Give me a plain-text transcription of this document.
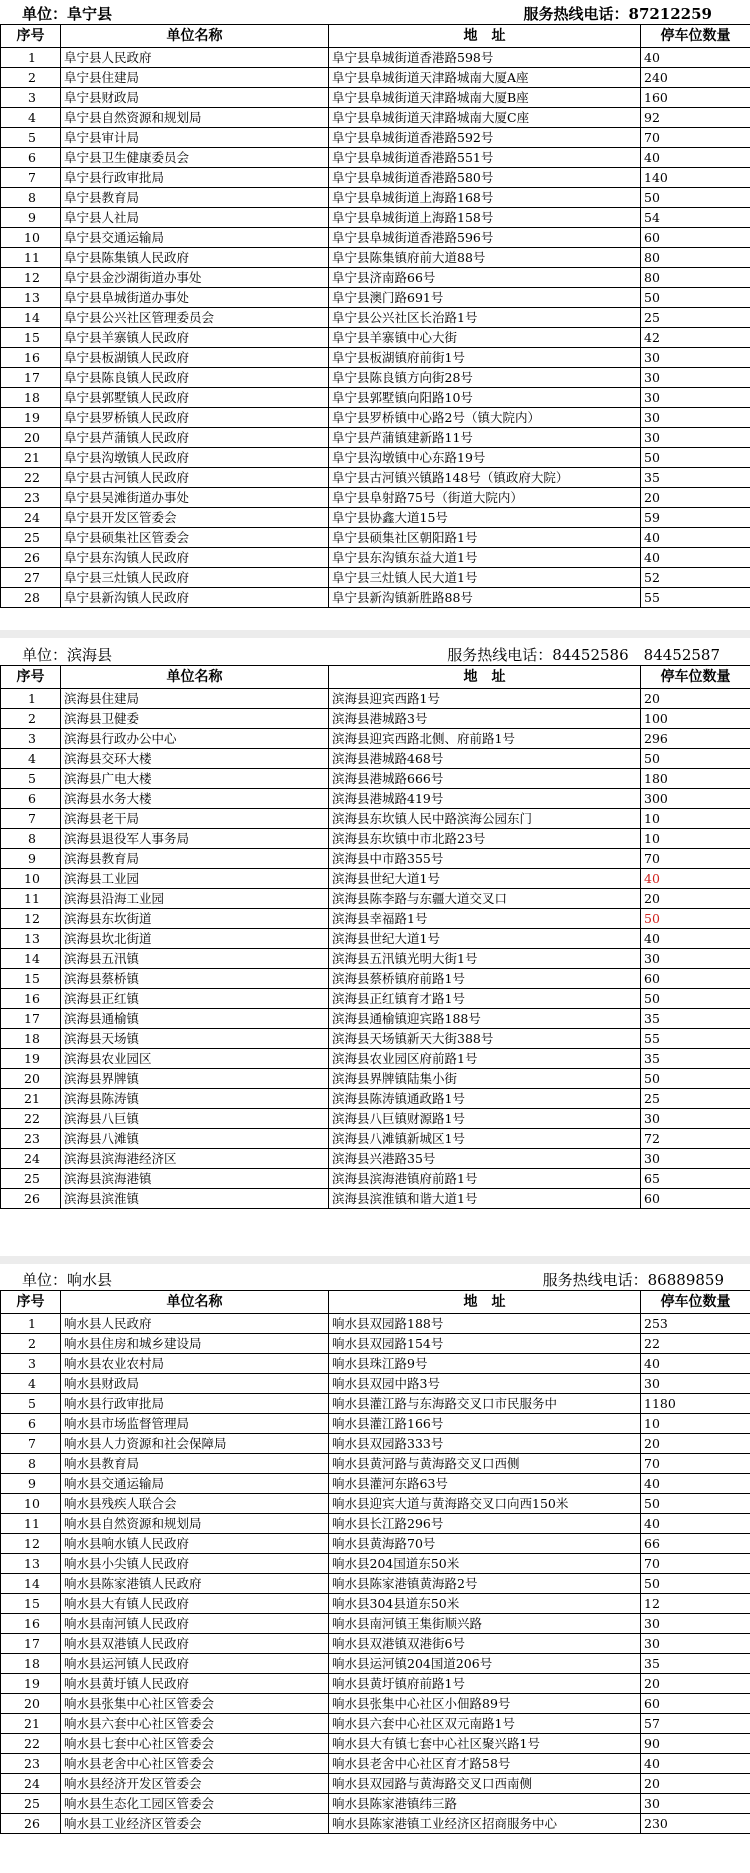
单位：阜宁县	服务热线电话：87212259
序号	单位名称	地　址	停车位数量
1	阜宁县人民政府	阜宁县阜城街道香港路598号	40
2	阜宁县住建局	阜宁县阜城街道天津路城南大厦A座	240
3	阜宁县财政局	阜宁县阜城街道天津路城南大厦B座	160
4	阜宁县自然资源和规划局	阜宁县阜城街道天津路城南大厦C座	92
5	阜宁县审计局	阜宁县阜城街道香港路592号	70
6	阜宁县卫生健康委员会	阜宁县阜城街道香港路551号	40
7	阜宁县行政审批局	阜宁县阜城街道香港路580号	140
8	阜宁县教育局	阜宁县阜城街道上海路168号	50
9	阜宁县人社局	阜宁县阜城街道上海路158号	54
10	阜宁县交通运输局	阜宁县阜城街道香港路596号	60
11	阜宁县陈集镇人民政府	阜宁县陈集镇府前大道88号	80
12	阜宁县金沙湖街道办事处	阜宁县济南路66号	80
13	阜宁县阜城街道办事处	阜宁县澳门路691号	50
14	阜宁县公兴社区管理委员会	阜宁县公兴社区长治路1号	25
15	阜宁县羊寨镇人民政府	阜宁县羊寨镇中心大街	42
16	阜宁县板湖镇人民政府	阜宁县板湖镇府前街1号	30
17	阜宁县陈良镇人民政府	阜宁县陈良镇方向街28号	30
18	阜宁县郭墅镇人民政府	阜宁县郭墅镇向阳路10号	30
19	阜宁县罗桥镇人民政府	阜宁县罗桥镇中心路2号（镇大院内）	30
20	阜宁县芦蒲镇人民政府	阜宁县芦蒲镇建新路11号	30
21	阜宁县沟墩镇人民政府	阜宁县沟墩镇中心东路19号	50
22	阜宁县古河镇人民政府	阜宁县古河镇兴镇路148号（镇政府大院）	35
23	阜宁县吴滩街道办事处	阜宁县阜射路75号（街道大院内）	20
24	阜宁县开发区管委会	阜宁县协鑫大道15号	59
25	阜宁县硕集社区管委会	阜宁县硕集社区朝阳路1号	40
26	阜宁县东沟镇人民政府	阜宁县东沟镇东益大道1号	40
27	阜宁县三灶镇人民政府	阜宁县三灶镇人民大道1号	52
28	阜宁县新沟镇人民政府	阜宁县新沟镇新胜路88号	55
单位：滨海县	服务热线电话：84452586　84452587
序号	单位名称	地　址	停车位数量
1	滨海县住建局	滨海县迎宾西路1号	20
2	滨海县卫健委	滨海县港城路3号	100
3	滨海县行政办公中心	滨海县迎宾西路北侧、府前路1号	296
4	滨海县交环大楼	滨海县港城路468号	50
5	滨海县广电大楼	滨海县港城路666号	180
6	滨海县水务大楼	滨海县港城路419号	300
7	滨海县老干局	滨海县东坎镇人民中路滨海公园东门	10
8	滨海县退役军人事务局	滨海县东坎镇中市北路23号	10
9	滨海县教育局	滨海县中市路355号	70
10	滨海县工业园	滨海县世纪大道1号	40
11	滨海县沿海工业园	滨海县陈李路与东疆大道交叉口	20
12	滨海县东坎街道	滨海县幸福路1号	50
13	滨海县坎北街道	滨海县世纪大道1号	40
14	滨海县五汛镇	滨海县五汛镇光明大街1号	30
15	滨海县蔡桥镇	滨海县蔡桥镇府前路1号	60
16	滨海县正红镇	滨海县正红镇育才路1号	50
17	滨海县通榆镇	滨海县通榆镇迎宾路188号	35
18	滨海县天场镇	滨海县天场镇新天大街388号	55
19	滨海县农业园区	滨海县农业园区府前路1号	35
20	滨海县界牌镇	滨海县界牌镇陆集小街	50
21	滨海县陈涛镇	滨海县陈涛镇通政路1号	25
22	滨海县八巨镇	滨海县八巨镇财源路1号	30
23	滨海县八滩镇	滨海县八滩镇新城区1号	72
24	滨海县滨海港经济区	滨海县兴港路35号	30
25	滨海县滨海港镇	滨海县滨海港镇府前路1号	65
26	滨海县滨淮镇	滨海县滨淮镇和谐大道1号	60
单位：响水县	服务热线电话：86889859
序号	单位名称	地　址	停车位数量
1	响水县人民政府	响水县双园路188号	253
2	响水县住房和城乡建设局	响水县双园路154号	22
3	响水县农业农村局	响水县珠江路9号	40
4	响水县财政局	响水县双园中路3号	30
5	响水县行政审批局	响水县灌江路与东海路交叉口市民服务中	1180
6	响水县市场监督管理局	响水县灌江路166号	10
7	响水县人力资源和社会保障局	响水县双园路333号	20
8	响水县教育局	响水县黄河路与黄海路交叉口西侧	70
9	响水县交通运输局	响水县灌河东路63号	40
10	响水县残疾人联合会	响水县迎宾大道与黄海路交叉口向西150米	50
11	响水县自然资源和规划局	响水县长江路296号	40
12	响水县响水镇人民政府	响水县黄海路70号	66
13	响水县小尖镇人民政府	响水县204国道东50米	70
14	响水县陈家港镇人民政府	响水县陈家港镇黄海路2号	50
15	响水县大有镇人民政府	响水县304县道东50米	12
16	响水县南河镇人民政府	响水县南河镇王集街顺兴路	30
17	响水县双港镇人民政府	响水县双港镇双港街6号	30
18	响水县运河镇人民政府	响水县运河镇204国道206号	35
19	响水县黄圩镇人民政府	响水县黄圩镇府前路1号	20
20	响水县张集中心社区管委会	响水县张集中心社区小佃路89号	60
21	响水县六套中心社区管委会	响水县六套中心社区双元南路1号	57
22	响水县七套中心社区管委会	响水县大有镇七套中心社区聚兴路1号	90
23	响水县老舍中心社区管委会	响水县老舍中心社区育才路58号	40
24	响水县经济开发区管委会	响水县双园路与黄海路交叉口西南侧	20
25	响水县生态化工园区管委会	响水县陈家港镇纬三路	30
26	响水县工业经济区管委会	响水县陈家港镇工业经济区招商服务中心	230
